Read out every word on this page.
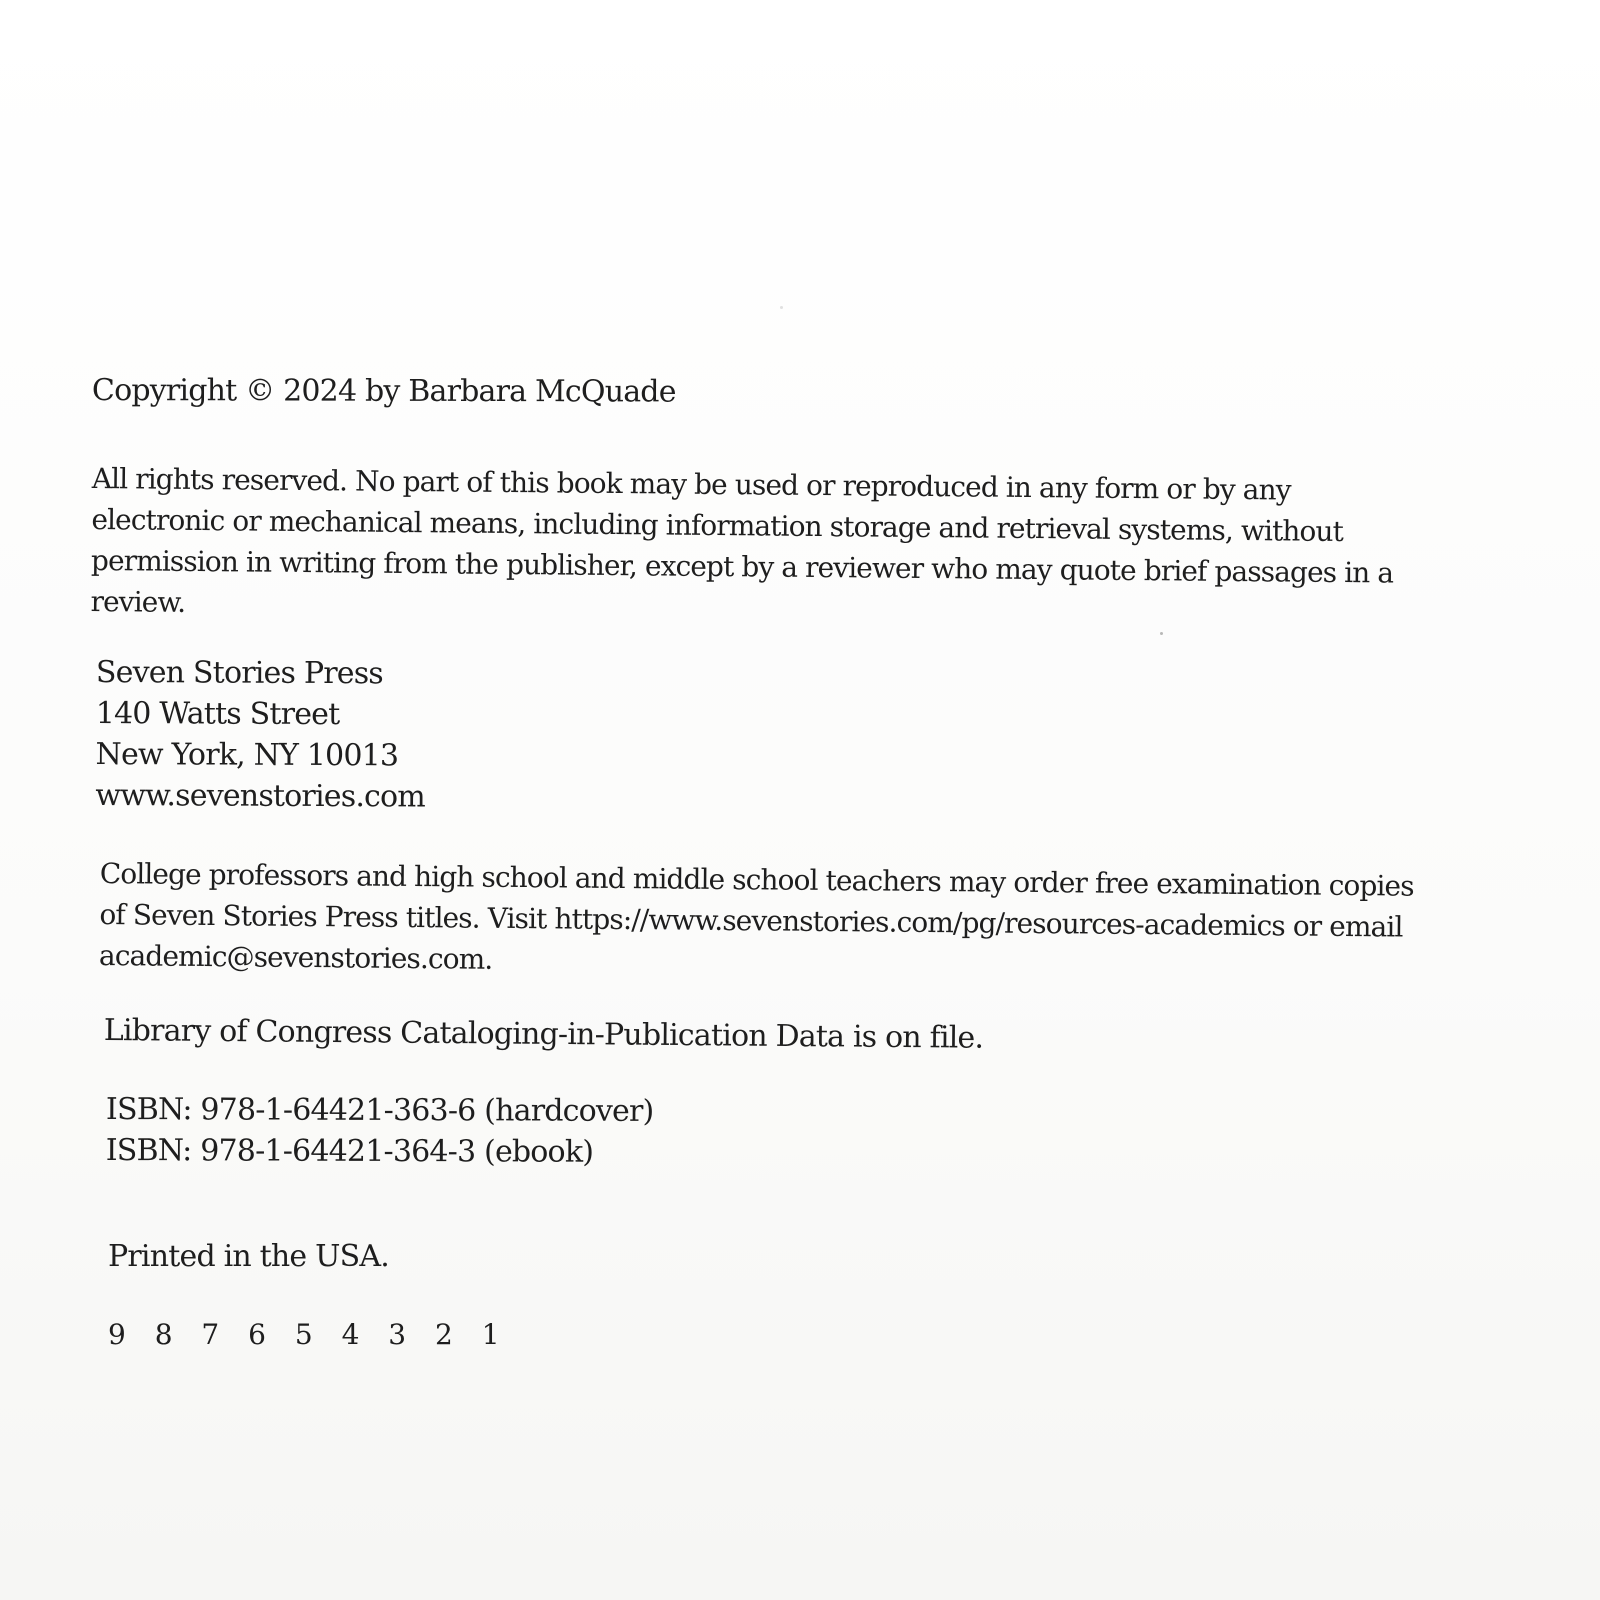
Copyright © 2024 by Barbara McQuade
All rights reserved. No part of this book may be used or reproduced in any form or by any
electronic or mechanical means, including information storage and retrieval systems, without
permission in writing from the publisher, except by a reviewer who may quote brief passages in a
review.
Seven Stories Press
140 Watts Street
New York, NY 10013
www.sevenstories.com
College professors and high school and middle school teachers may order free examination copies
of Seven Stories Press titles. Visit https://www.sevenstories.com/pg/resources-academics or email
academic@sevenstories.com.
Library of Congress Cataloging-in-Publication Data is on file.
ISBN: 978-1-64421-363-6 (hardcover)
ISBN: 978-1-64421-364-3 (ebook)
Printed in the USA.
9 8 7 6 5 4 3 2 1
